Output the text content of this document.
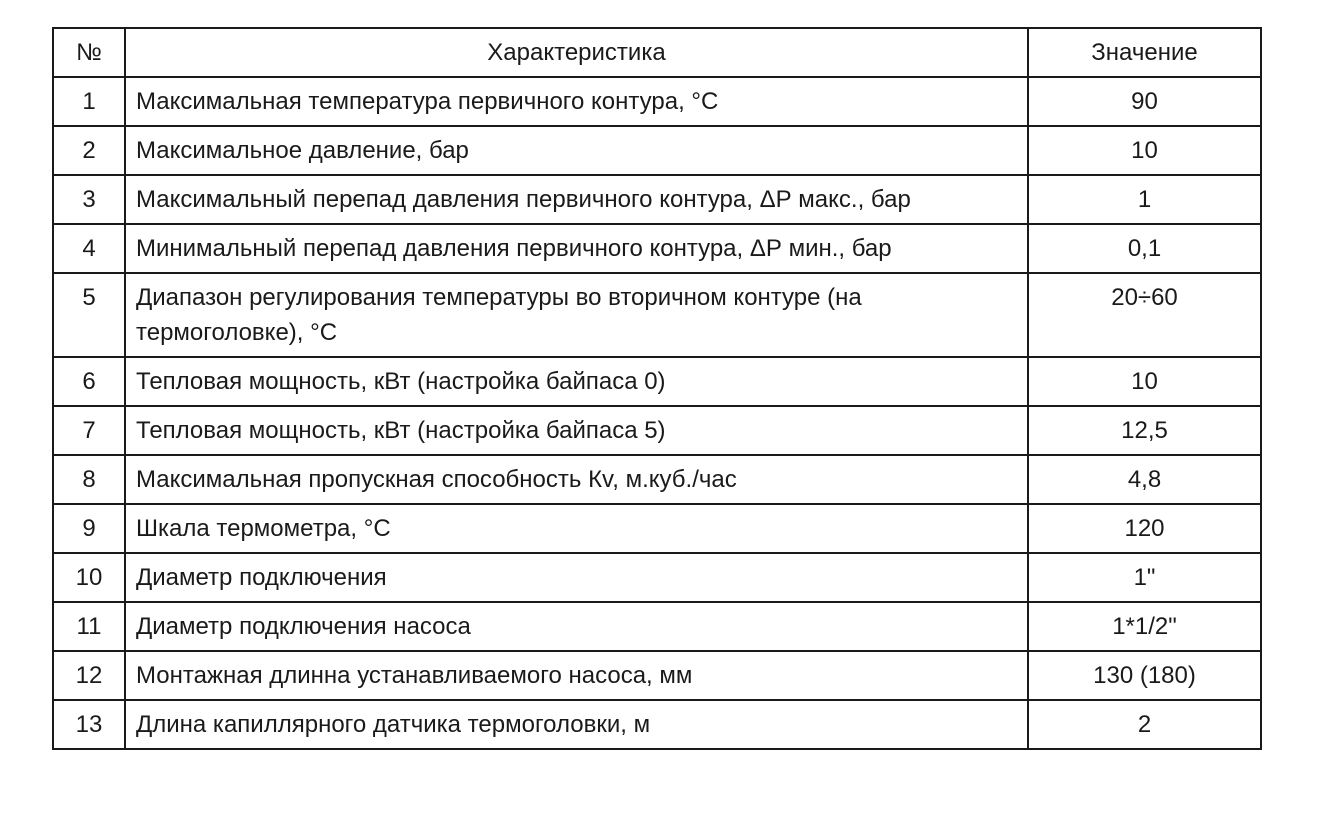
№	Характеристика	Значение
1	Максимальная температура первичного контура, °С	90
2	Максимальное давление, бар	10
3	Максимальный перепад давления первичного контура, ΔР макс., бар	1
4	Минимальный перепад давления первичного контура, ΔР мин., бар	0,1
5	Диапазон регулирования температуры во вторичном контуре (на термоголовке), °С	20÷60
6	Тепловая мощность, кВт (настройка байпаса 0)	10
7	Тепловая мощность, кВт (настройка байпаса 5)	12,5
8	Максимальная пропускная способность Кv, м.куб./час	4,8
9	Шкала термометра, °С	120
10	Диаметр подключения	1"
11	Диаметр подключения насоса	1*1/2"
12	Монтажная длинна устанавливаемого насоса, мм	130 (180)
13	Длина капиллярного датчика термоголовки, м	2
